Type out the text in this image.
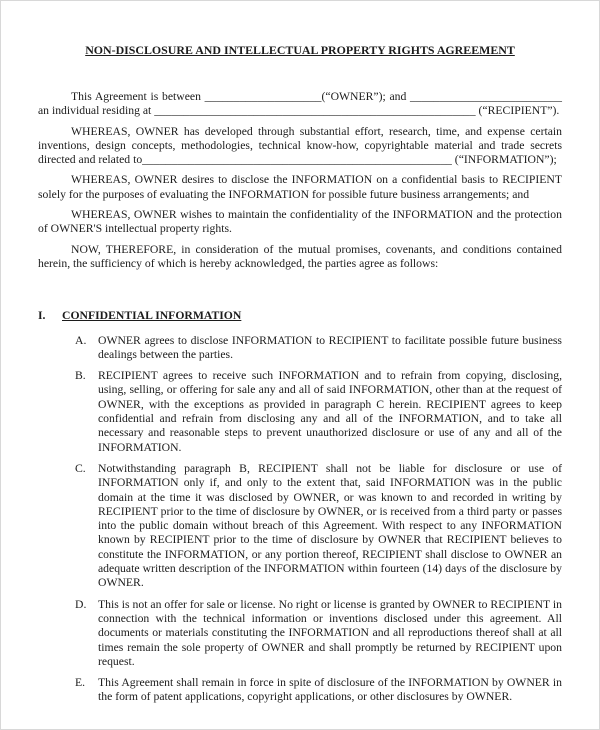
NON-DISCLOSURE AND INTELLECTUAL PROPERTY RIGHTS AGREEMENT
This Agreement is between ____________________(“OWNER”); and __________________________
an individual residing at _______________________________________________________ (“RECIPIENT”).
WHEREAS, OWNER has developed through substantial effort, research, time, and expense certain
inventions, design concepts, methodologies, technical know-how, copyrightable material and trade secrets
directed and related to_____________________________________________________ (“INFORMATION”);
WHEREAS, OWNER desires to disclose the INFORMATION on a confidential basis to RECIPIENT solely for the purposes of evaluating the INFORMATION for possible future business arrangements; and
WHEREAS, OWNER wishes to maintain the confidentiality of the INFORMATION and the protection of OWNER'S intellectual property rights.
NOW, THEREFORE, in consideration of the mutual promises, covenants, and conditions contained herein, the sufficiency of which is hereby acknowledged, the parties agree as follows:
I. CONFIDENTIAL INFORMATION
A. OWNER agrees to disclose INFORMATION to RECIPIENT to facilitate possible future business dealings between the parties.
B. RECIPIENT agrees to receive such INFORMATION and to refrain from copying, disclosing, using, selling, or offering for sale any and all of said INFORMATION, other than at the request of OWNER, with the exceptions as provided in paragraph C herein. RECIPIENT agrees to keep confidential and refrain from disclosing any and all of the INFORMATION, and to take all necessary and reasonable steps to prevent unauthorized disclosure or use of any and all of the INFORMATION.
C. Notwithstanding paragraph B, RECIPIENT shall not be liable for disclosure or use of INFORMATION only if, and only to the extent that, said INFORMATION was in the public domain at the time it was disclosed by OWNER, or was known to and recorded in writing by RECIPIENT prior to the time of disclosure by OWNER, or is received from a third party or passes into the public domain without breach of this Agreement. With respect to any INFORMATION known by RECIPIENT prior to the time of disclosure by OWNER that RECIPIENT believes to constitute the INFORMATION, or any portion thereof, RECIPIENT shall disclose to OWNER an adequate written description of the INFORMATION within fourteen (14) days of the disclosure by OWNER.
D. This is not an offer for sale or license. No right or license is granted by OWNER to RECIPIENT in connection with the technical information or inventions disclosed under this agreement. All documents or materials constituting the INFORMATION and all reproductions thereof shall at all times remain the sole property of OWNER and shall promptly be returned by RECIPIENT upon request.
E. This Agreement shall remain in force in spite of disclosure of the INFORMATION by OWNER in the form of patent applications, copyright applications, or other disclosures by OWNER.
